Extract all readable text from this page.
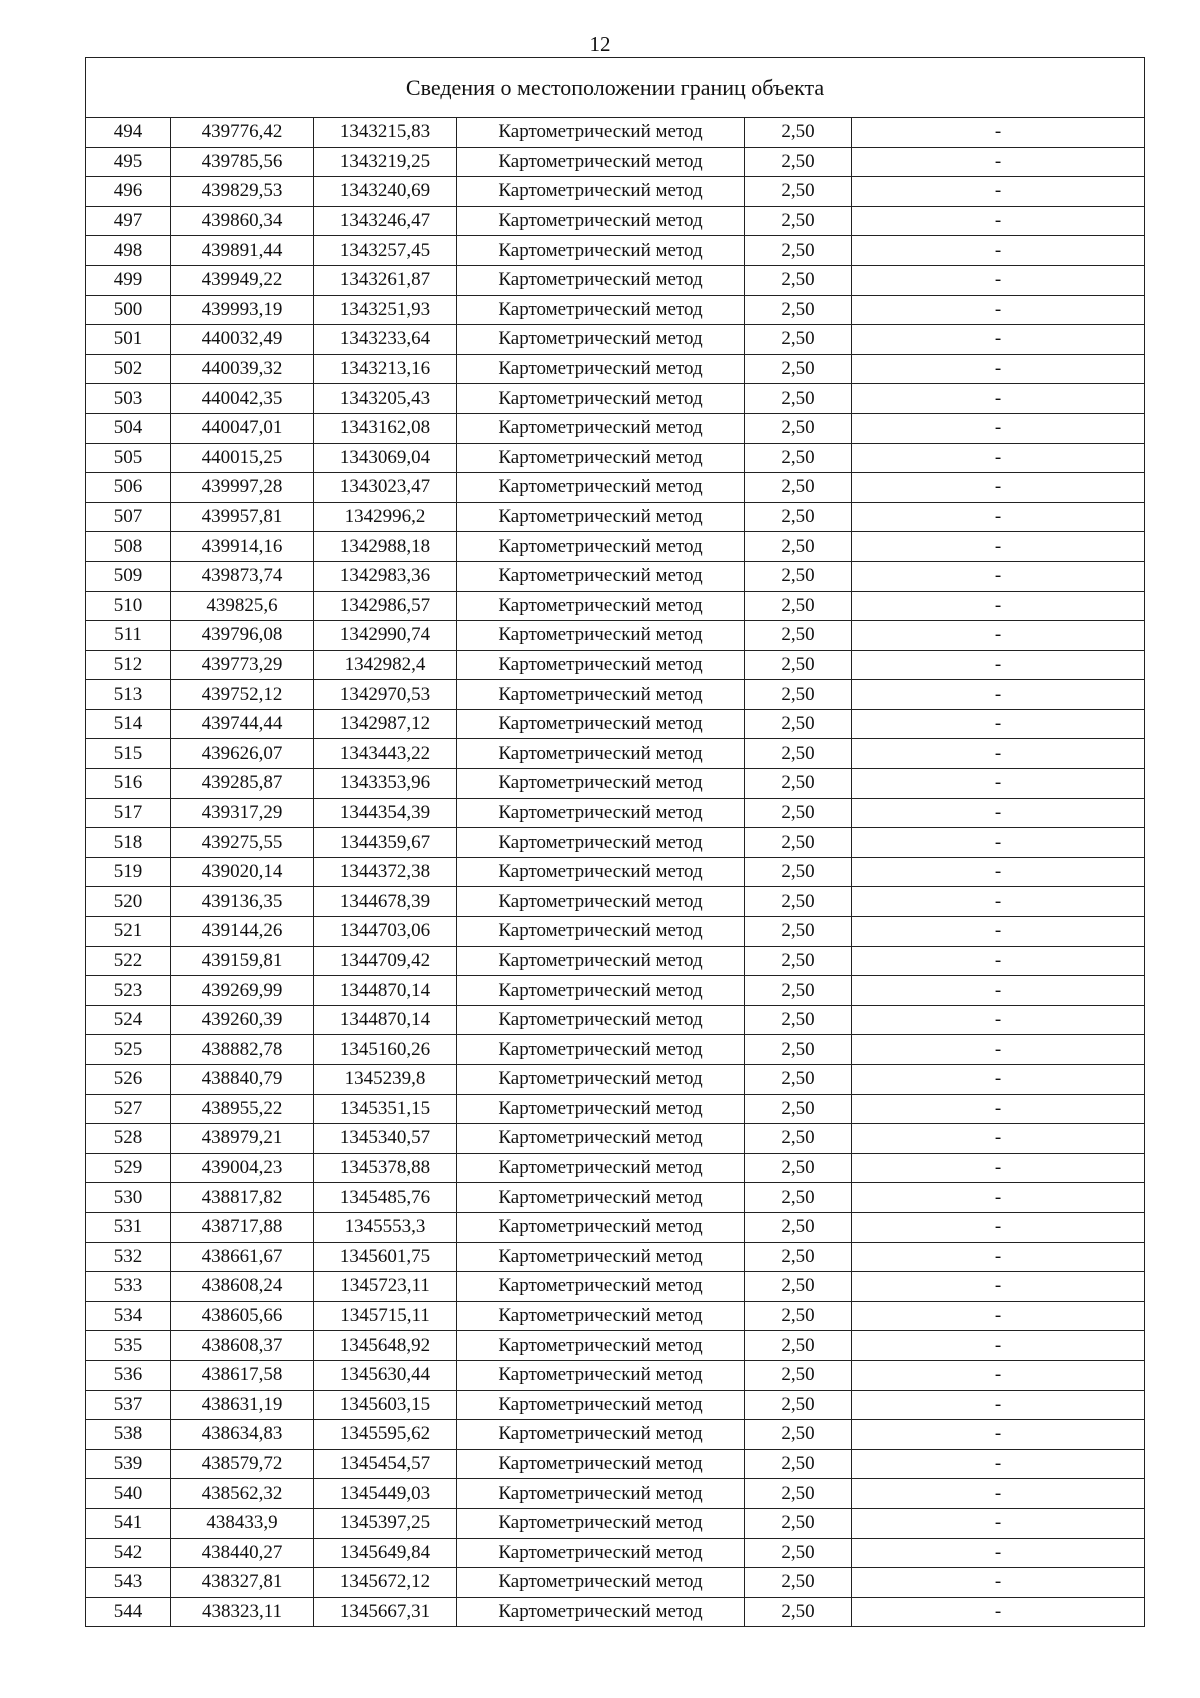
12
Сведения о местоположении границ объекта					
494	439776,42	1343215,83	Картометрический метод	2,50	-
495	439785,56	1343219,25	Картометрический метод	2,50	-
496	439829,53	1343240,69	Картометрический метод	2,50	-
497	439860,34	1343246,47	Картометрический метод	2,50	-
498	439891,44	1343257,45	Картометрический метод	2,50	-
499	439949,22	1343261,87	Картометрический метод	2,50	-
500	439993,19	1343251,93	Картометрический метод	2,50	-
501	440032,49	1343233,64	Картометрический метод	2,50	-
502	440039,32	1343213,16	Картометрический метод	2,50	-
503	440042,35	1343205,43	Картометрический метод	2,50	-
504	440047,01	1343162,08	Картометрический метод	2,50	-
505	440015,25	1343069,04	Картометрический метод	2,50	-
506	439997,28	1343023,47	Картометрический метод	2,50	-
507	439957,81	1342996,2	Картометрический метод	2,50	-
508	439914,16	1342988,18	Картометрический метод	2,50	-
509	439873,74	1342983,36	Картометрический метод	2,50	-
510	439825,6	1342986,57	Картометрический метод	2,50	-
511	439796,08	1342990,74	Картометрический метод	2,50	-
512	439773,29	1342982,4	Картометрический метод	2,50	-
513	439752,12	1342970,53	Картометрический метод	2,50	-
514	439744,44	1342987,12	Картометрический метод	2,50	-
515	439626,07	1343443,22	Картометрический метод	2,50	-
516	439285,87	1343353,96	Картометрический метод	2,50	-
517	439317,29	1344354,39	Картометрический метод	2,50	-
518	439275,55	1344359,67	Картометрический метод	2,50	-
519	439020,14	1344372,38	Картометрический метод	2,50	-
520	439136,35	1344678,39	Картометрический метод	2,50	-
521	439144,26	1344703,06	Картометрический метод	2,50	-
522	439159,81	1344709,42	Картометрический метод	2,50	-
523	439269,99	1344870,14	Картометрический метод	2,50	-
524	439260,39	1344870,14	Картометрический метод	2,50	-
525	438882,78	1345160,26	Картометрический метод	2,50	-
526	438840,79	1345239,8	Картометрический метод	2,50	-
527	438955,22	1345351,15	Картометрический метод	2,50	-
528	438979,21	1345340,57	Картометрический метод	2,50	-
529	439004,23	1345378,88	Картометрический метод	2,50	-
530	438817,82	1345485,76	Картометрический метод	2,50	-
531	438717,88	1345553,3	Картометрический метод	2,50	-
532	438661,67	1345601,75	Картометрический метод	2,50	-
533	438608,24	1345723,11	Картометрический метод	2,50	-
534	438605,66	1345715,11	Картометрический метод	2,50	-
535	438608,37	1345648,92	Картометрический метод	2,50	-
536	438617,58	1345630,44	Картометрический метод	2,50	-
537	438631,19	1345603,15	Картометрический метод	2,50	-
538	438634,83	1345595,62	Картометрический метод	2,50	-
539	438579,72	1345454,57	Картометрический метод	2,50	-
540	438562,32	1345449,03	Картометрический метод	2,50	-
541	438433,9	1345397,25	Картометрический метод	2,50	-
542	438440,27	1345649,84	Картометрический метод	2,50	-
543	438327,81	1345672,12	Картометрический метод	2,50	-
544	438323,11	1345667,31	Картометрический метод	2,50	-
